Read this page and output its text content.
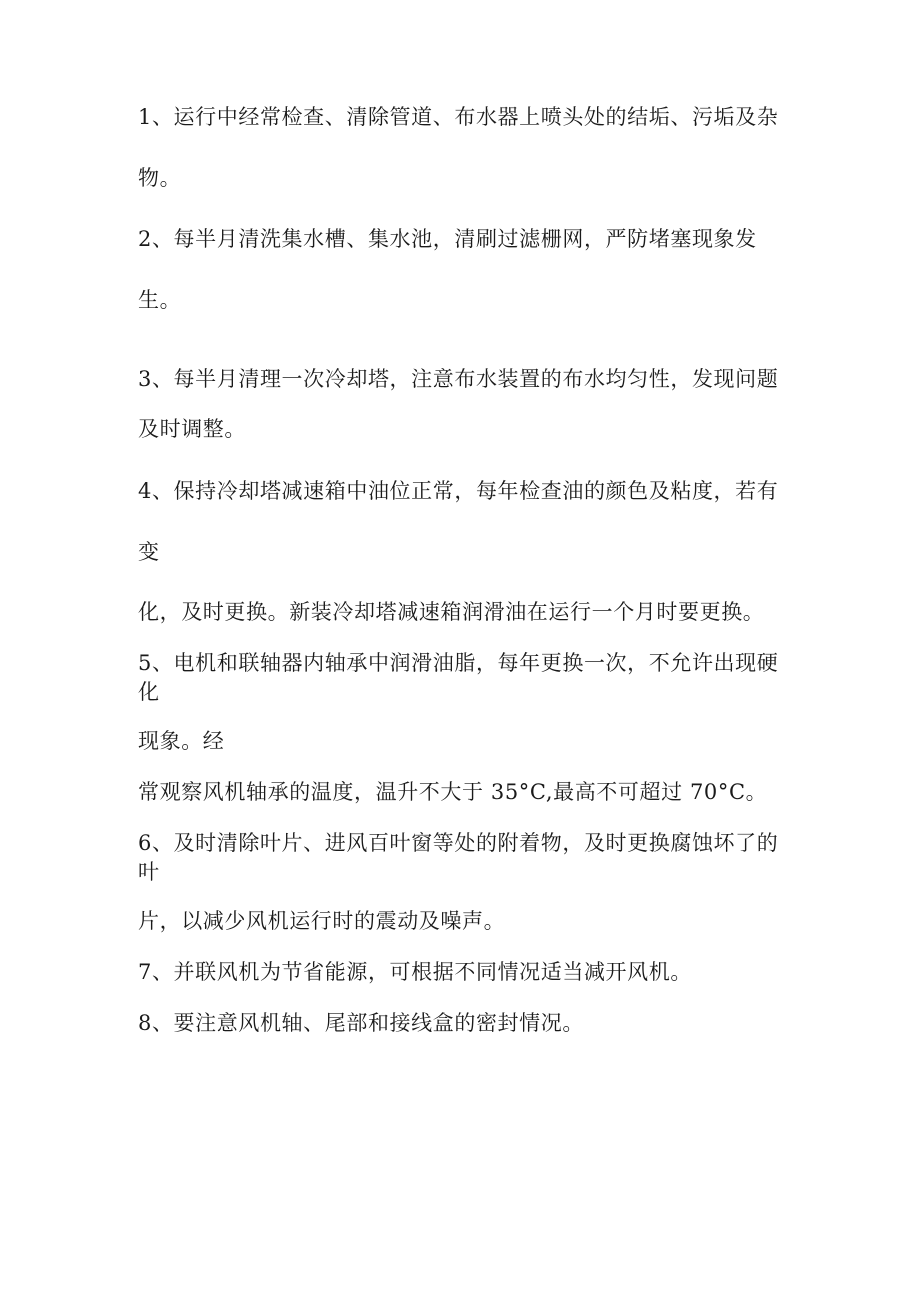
1、运行中经常检查、清除管道、布水器上喷头处的结垢、污垢及杂
物。
2、每半月清洗集水槽、集水池，清刷过滤栅网，严防堵塞现象发
生。
3、每半月清理一次冷却塔，注意布水装置的布水均匀性，发现问题
及时调整。
4、保持冷却塔减速箱中油位正常，每年检查油的颜色及粘度，若有
变
化，及时更换。新装冷却塔减速箱润滑油在运行一个月时要更换。
5、电机和联轴器内轴承中润滑油脂，每年更换一次，不允许出现硬
化
现象。经
常观察风机轴承的温度，温升不大于 35°C,最高不可超过 70°C。
6、及时清除叶片、进风百叶窗等处的附着物，及时更换腐蚀坏了的
叶
片，以减少风机运行时的震动及噪声。
7、并联风机为节省能源，可根据不同情况适当减开风机。
8、要注意风机轴、尾部和接线盒的密封情况。
